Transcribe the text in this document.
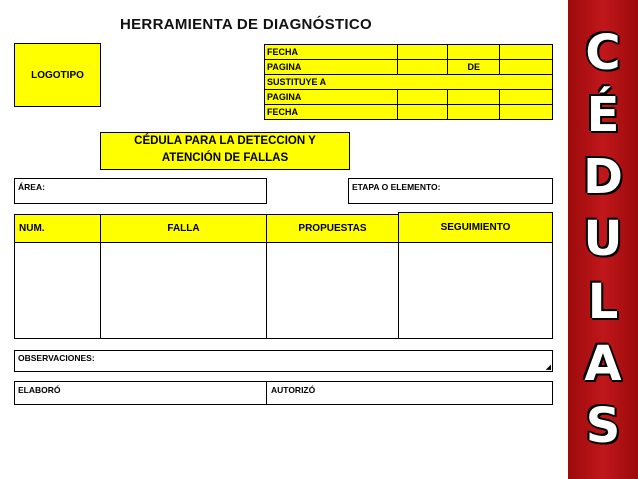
HERRAMIENTA DE DIAGNÓSTICO
LOGOTIPO
FECHA			
PAGINA		DE	
SUSTITUYE A			
PAGINA			
FECHA			
CÉDULA PARA LA DETECCION Y
ATENCIÓN DE FALLAS
ÁREA:	ETAPA O ELEMENTO:
NUM.	FALLA	PROPUESTAS	SEGUIMIENTO
OBSERVACIONES:
◢
ELABORÓ	AUTORIZÓ
C
É
D
U
L
A
S
